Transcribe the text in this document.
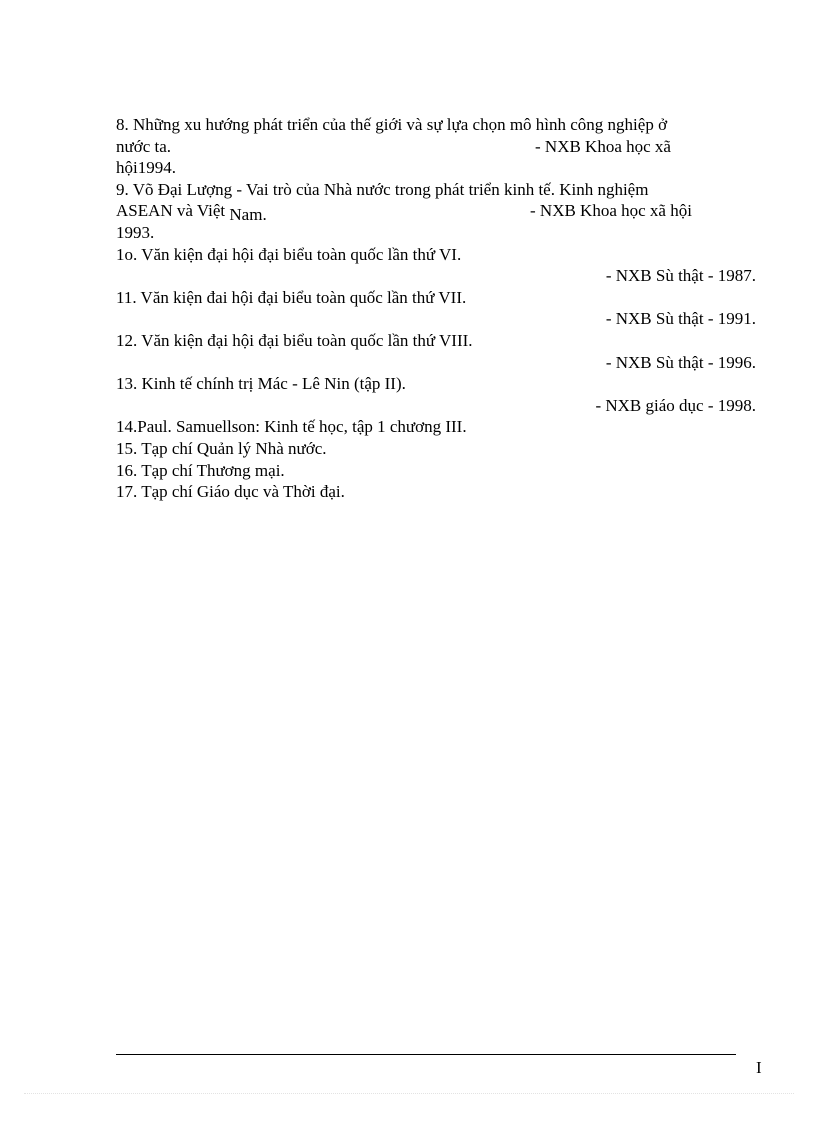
8. Những xu hướng phát triển của thế giới và sự lựa chọn mô hình công nghiệp ở
nước ta.	- NXB Khoa học xã
hội1994.
9. Võ Đại Lượng - Vai trò của Nhà nước trong phát triển kinh tế. Kinh nghiệm
ASEAN và Việt Nam.	- NXB Khoa học xã hội
1993.
1o. Văn kiện đại hội đại biểu toàn quốc lần thứ VI.
- NXB Sù thật - 1987.
11. Văn kiện đai hội đại biểu toàn quốc lần thứ VII.
- NXB Sù thật - 1991.
12. Văn kiện đại hội đại biểu toàn quốc lần thứ VIII.
- NXB Sù thật - 1996.
13. Kinh tế chính trị Mác - Lê Nin (tập II).
- NXB giáo dục - 1998.
14.Paul. Samuellson: Kinh tế học, tập 1 chương III.
15. Tạp chí Quản lý Nhà nước.
16. Tạp chí Thương mại.
17. Tạp chí Giáo dục và Thời đại.
I
